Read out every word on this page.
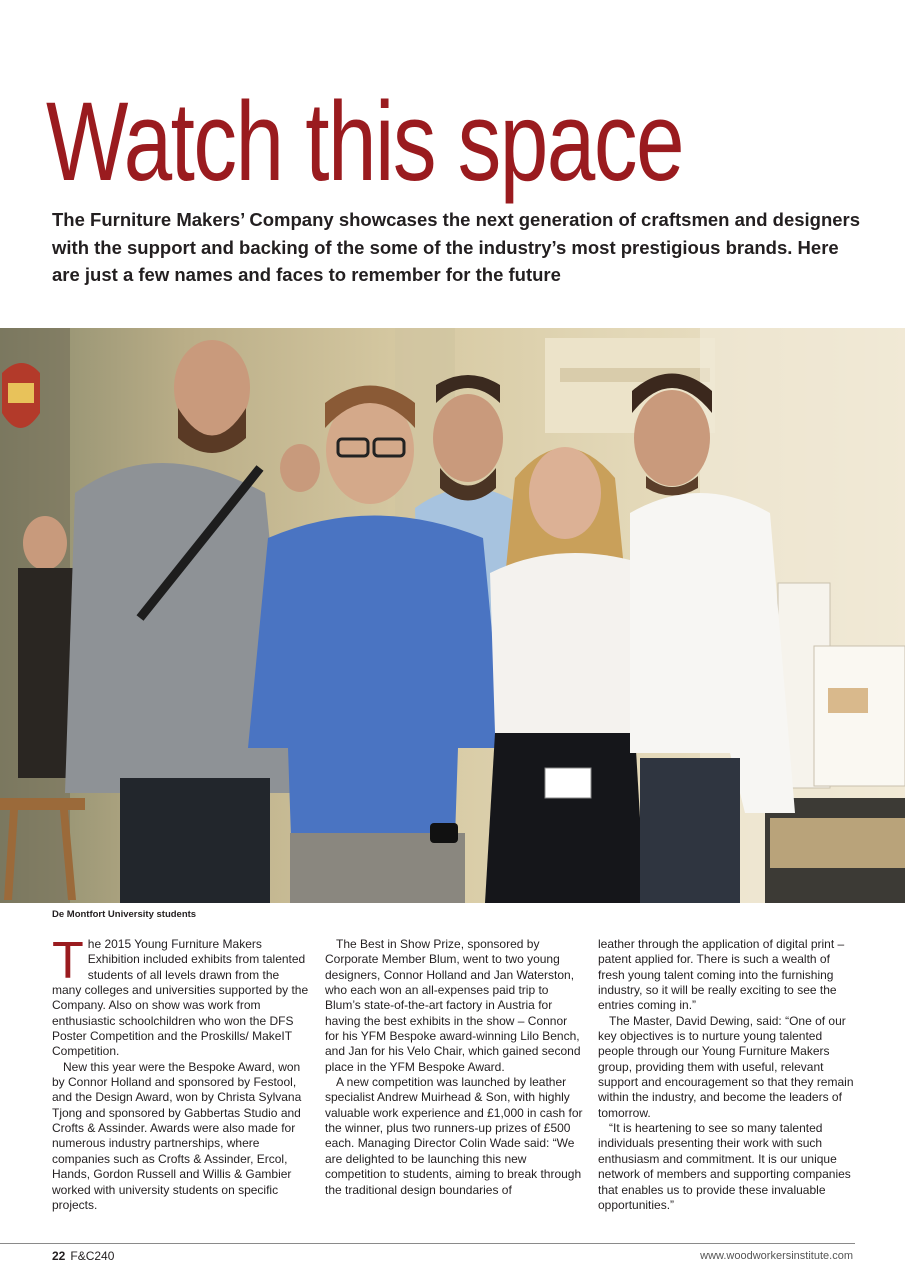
Watch this space

The Furniture Makers’ Company showcases the next generation of craftsmen and designers with the support and backing of the some of the industry’s most prestigious brands. Here are just a few names and faces to remember for the future

De Montfort University students

The 2015 Young Furniture Makers Exhibition included exhibits from talented students of all levels drawn from the many colleges and universities supported by the Company. Also on show was work from enthusiastic schoolchildren who won the DFS Poster Competition and the Proskills/ MakeIT Competition.

New this year were the Bespoke Award, won by Connor Holland and sponsored by Festool, and the Design Award, won by Christa Sylvana Tjong and sponsored by Gabbertas Studio and Crofts & Assinder. Awards were also made for numerous industry partnerships, where companies such as Crofts & Assinder, Ercol, Hands, Gordon Russell and Willis & Gambier worked with university students on specific projects.

The Best in Show Prize, sponsored by Corporate Member Blum, went to two young designers, Connor Holland and Jan Waterston, who each won an all-expenses paid trip to Blum’s state-of-the-art factory in Austria for having the best exhibits in the show – Connor for his YFM Bespoke award-winning Lilo Bench, and Jan for his Velo Chair, which gained second place in the YFM Bespoke Award.

A new competition was launched by leather specialist Andrew Muirhead & Son, with highly valuable work experience and £1,000 in cash for the winner, plus two runners-up prizes of £500 each. Managing Director Colin Wade said: “We are delighted to be launching this new competition to students, aiming to break through the traditional design boundaries of

leather through the application of digital print – patent applied for. There is such a wealth of fresh young talent coming into the furnishing industry, so it will be really exciting to see the entries coming in.”

The Master, David Dewing, said: “One of our key objectives is to nurture young talented people through our Young Furniture Makers group, providing them with useful, relevant support and encouragement so that they remain within the industry, and become the leaders of tomorrow.

“It is heartening to see so many talented individuals presenting their work with such enthusiasm and commitment. It is our unique network of members and supporting companies that enables us to provide these invaluable opportunities.”

22 F&C240	www.woodworkersinstitute.com
